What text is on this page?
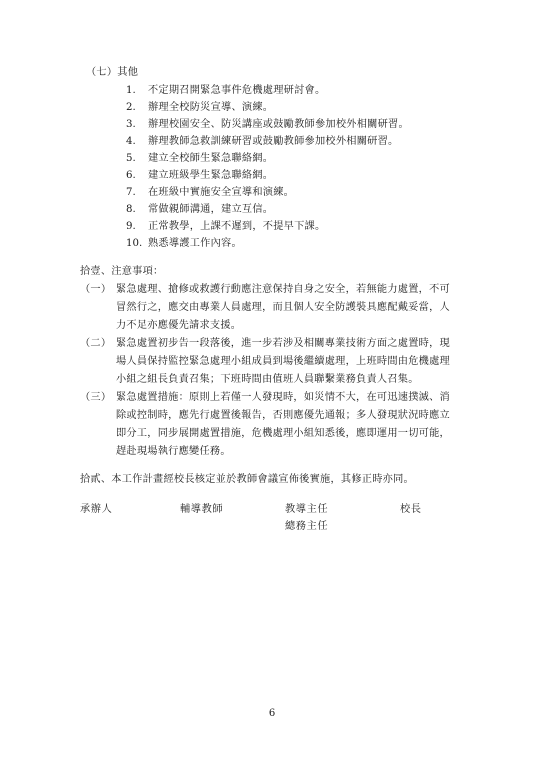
（七）其他
1. 不定期召開緊急事件危機處理研討會。
2. 辦理全校防災宣導、演練。
3. 辦理校園安全、防災講座或鼓勵教師參加校外相關研習。
4. 辦理教師急救訓練研習或鼓勵教師參加校外相關研習。
5. 建立全校師生緊急聯絡網。
6. 建立班級學生緊急聯絡網。
7. 在班級中實施安全宣導和演練。
8. 常做親師溝通，建立互信。
9. 正常教學，上課不遲到，不提早下課。
10. 熟悉導護工作內容。
拾壹、注意事項：
（一） 緊急處理、搶修或救護行動應注意保持自身之安全，若無能力處置，不可
冒然行之，應交由專業人員處理，而且個人安全防護裝具應配戴妥當，人
力不足亦應優先請求支援。
（二） 緊急處置初步告一段落後，進一步若涉及相關專業技術方面之處置時，現
場人員保持監控緊急處理小組成員到場後繼續處理，上班時間由危機處理
小組之組長負責召集；下班時間由值班人員聯繫業務負責人召集。
（三） 緊急處置措施：原則上若僅一人發現時，如災情不大，在可迅速撲滅、消
除或控制時，應先行處置後報告，否則應優先通報；多人發現狀況時應立
即分工，同步展開處置措施，危機處理小組知悉後，應即運用一切可能，
趕赴現場執行應變任務。
拾貳、本工作計畫經校長核定並於教師會議宣佈後實施，其修正時亦同。
承辦人	輔導教師	教導主任	校長
總務主任
6
